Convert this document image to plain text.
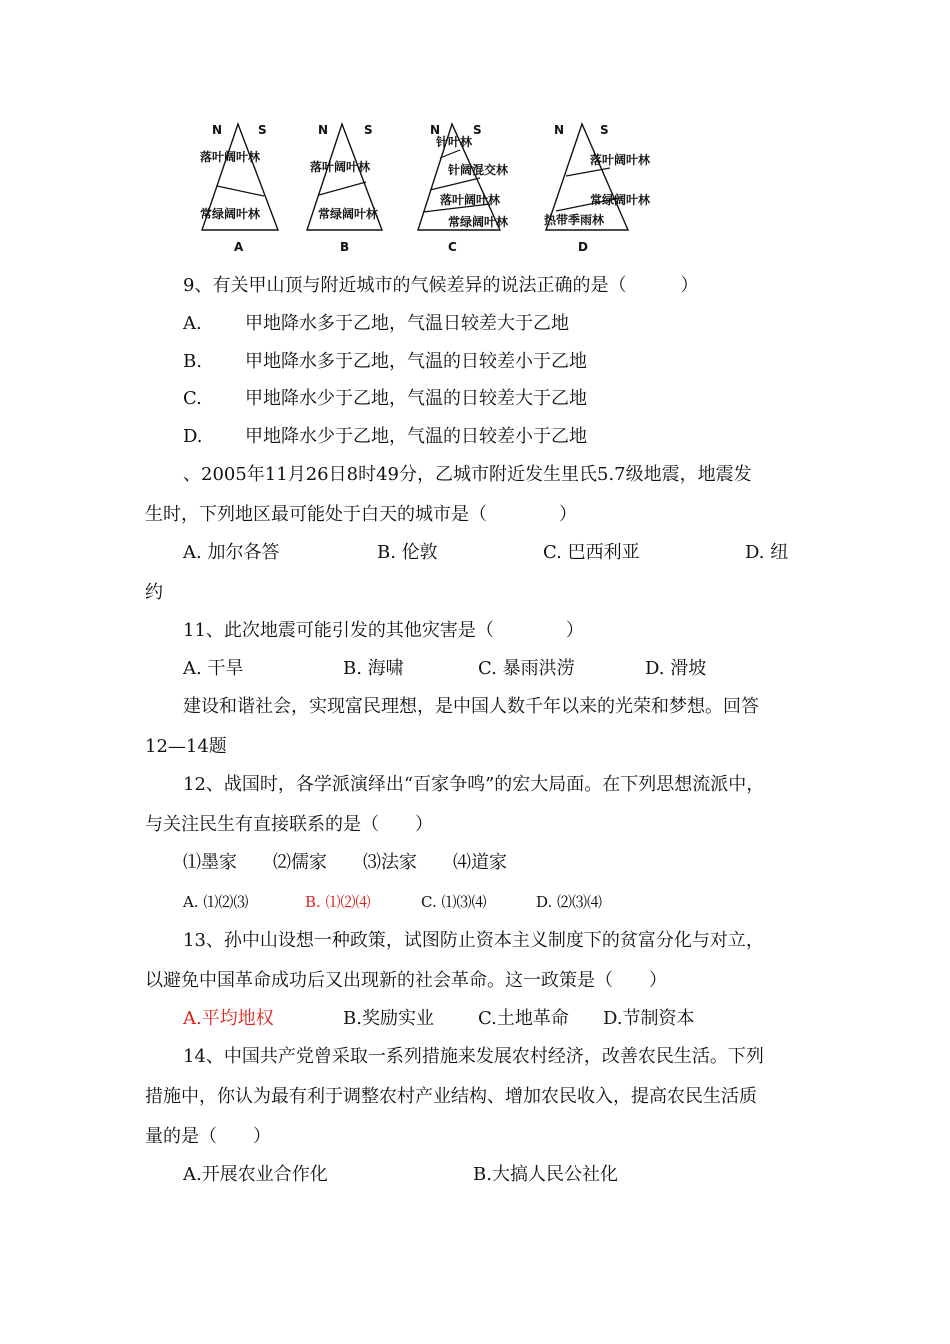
N	S
落叶阔叶林
常绿阔叶林
A
N	S
落叶阔叶林
常绿阔叶林
B
N	S
针叶林
针阔混交林
落叶阔叶林
常绿阔叶林
C
N	S
落叶阔叶林
常绿阔叶林
热带季雨林
D
9、有关甲山顶与附近城市的气候差异的说法正确的是（　　　）
A. 甲地降水多于乙地，气温日较差大于乙地
B. 甲地降水多于乙地，气温的日较差小于乙地
C. 甲地降水少于乙地，气温的日较差大于乙地
D. 甲地降水少于乙地，气温的日较差小于乙地
、2005年11月26日8时49分，乙城市附近发生里氏5.7级地震，地震发
生时，下列地区最可能处于白天的城市是（　　　　）
A. 加尔各答	B. 伦敦	C. 巴西利亚	D. 纽
约
11、此次地震可能引发的其他灾害是（　　　　）
A. 干旱	B. 海啸	C. 暴雨洪涝	D. 滑坡
建设和谐社会，实现富民理想，是中国人数千年以来的光荣和梦想。回答
12—14题
12、战国时，各学派演绎出“百家争鸣”的宏大局面。在下列思想流派中，
与关注民生有直接联系的是（　　）
⑴墨家　　⑵儒家　　⑶法家　　⑷道家
A. ⑴⑵⑶	B. ⑴⑵⑷	C. ⑴⑶⑷	D. ⑵⑶⑷
13、孙中山设想一种政策，试图防止资本主义制度下的贫富分化与对立，
以避免中国革命成功后又出现新的社会革命。这一政策是（　　）
A.平均地权	B.奖励实业 C.土地革命 D.节制资本
14、中国共产党曾采取一系列措施来发展农村经济，改善农民生活。下列
措施中，你认为最有利于调整农村产业结构、增加农民收入，提高农民生活质
量的是（　　）
A.开展农业合作化	B.大搞人民公社化
